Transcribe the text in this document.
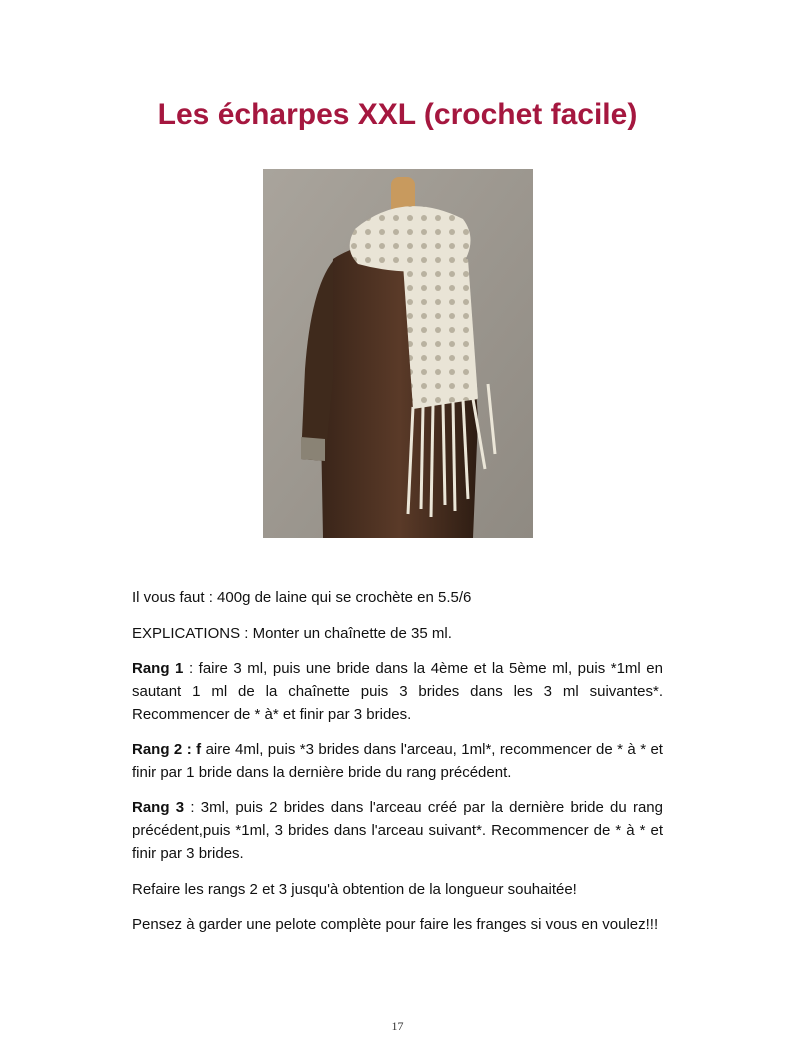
Les écharpes XXL (crochet facile)
Il vous faut : 400g de laine qui se crochète en 5.5/6
EXPLICATIONS : Monter un chaînette de 35 ml.
Rang 1 : faire 3 ml, puis une bride dans la 4ème et la 5ème ml, puis *1ml en sautant 1 ml de la chaînette puis 3 brides dans les 3 ml suivantes*. Recommencer de * à* et finir par 3 brides.
Rang 2 : f aire 4ml, puis *3 brides dans l'arceau, 1ml*, recommencer de * à * et finir par 1 bride dans la dernière bride du rang précédent.
Rang 3 : 3ml, puis 2 brides dans l'arceau créé par la dernière bride du rang précédent,puis *1ml, 3 brides dans l'arceau suivant*. Recommencer de * à * et finir par 3 brides.
Refaire les rangs 2 et 3 jusqu'à obtention de la longueur souhaitée!
Pensez à garder une pelote complète pour faire les franges si vous en voulez!!!
17
